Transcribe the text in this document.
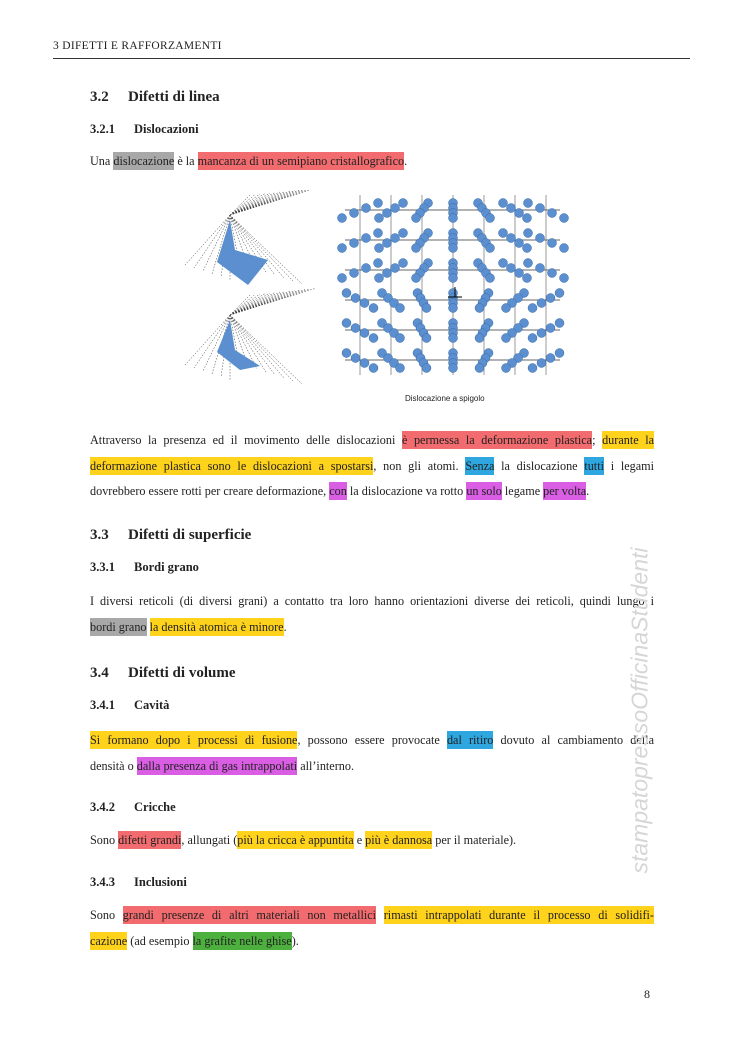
3 DIFETTI E RAFFORZAMENTI
3.2 Difetti di linea
3.2.1 Dislocazioni
Una dislocazione è la mancanza di un semipiano cristallografico.
Dislocazione a spigolo
Attraverso la presenza ed il movimento delle dislocazioni è permessa la deformazione plastica; durante la
deformazione plastica sono le dislocazioni a spostarsi, non gli atomi. Senza la dislocazione tutti i legami
dovrebbero essere rotti per creare deformazione, con la dislocazione va rotto un solo legame per volta.
3.3 Difetti di superficie
3.3.1 Bordi grano
I diversi reticoli (di diversi grani) a contatto tra loro hanno orientazioni diverse dei reticoli, quindi lungo i
bordi grano la densità atomica è minore.
3.4 Difetti di volume
3.4.1 Cavità
Si formano dopo i processi di fusione, possono essere provocate dal ritiro dovuto al cambiamento della
densità o dalla presenza di gas intrappolati all’interno.
3.4.2 Cricche
Sono difetti grandi, allungati (più la cricca è appuntita e più è dannosa per il materiale).
3.4.3 Inclusioni
Sono grandi presenze di altri materiali non metallici rimasti intrappolati durante il processo di solidifi-
cazione (ad esempio la grafite nelle ghise).
stampatopressoOfficinaStudenti
8
